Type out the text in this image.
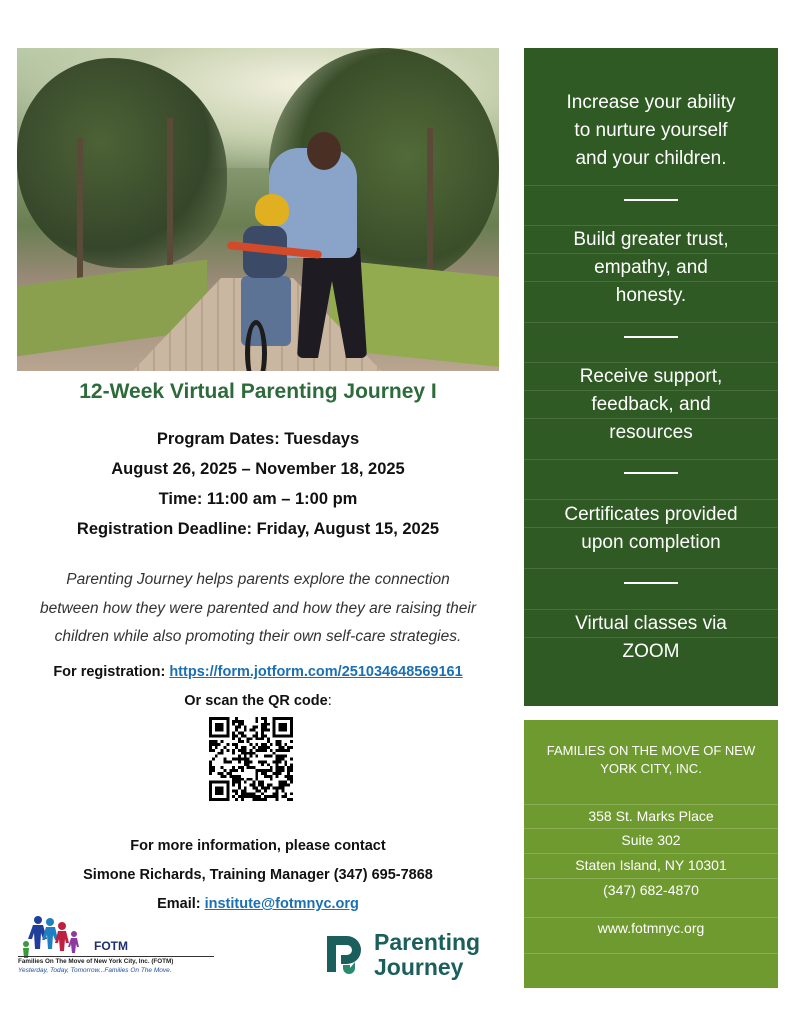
12-Week Virtual Parenting Journey I
Program Dates: Tuesdays
August 26, 2025 – November 18, 2025
Time: 11:00 am – 1:00 pm
Registration Deadline: Friday, August 15, 2025
Parenting Journey helps parents explore the connection
between how they were parented and how they are raising their
children while also promoting their own self-care strategies.
For registration: https://form.jotform.com/251034648569161
Or scan the QR code:
For more information, please contact
Simone Richards, Training Manager (347) 695-7868
Email: institute@fotmnyc.org
FOTM
Families On The Move of New York City, Inc. (FOTM)
Yesterday, Today, Tomorrow...Families On The Move.
Parenting
Journey
Increase your ability
to nurture yourself
and your children.
Build greater trust,
empathy, and
honesty.
Receive support,
feedback, and
resources
Certificates provided
upon completion
Virtual classes via
ZOOM
FAMILIES ON THE MOVE OF NEW
YORK CITY, INC.
358 St. Marks Place
Suite 302
Staten Island, NY 10301
(347) 682-4870
www.fotmnyc.org
